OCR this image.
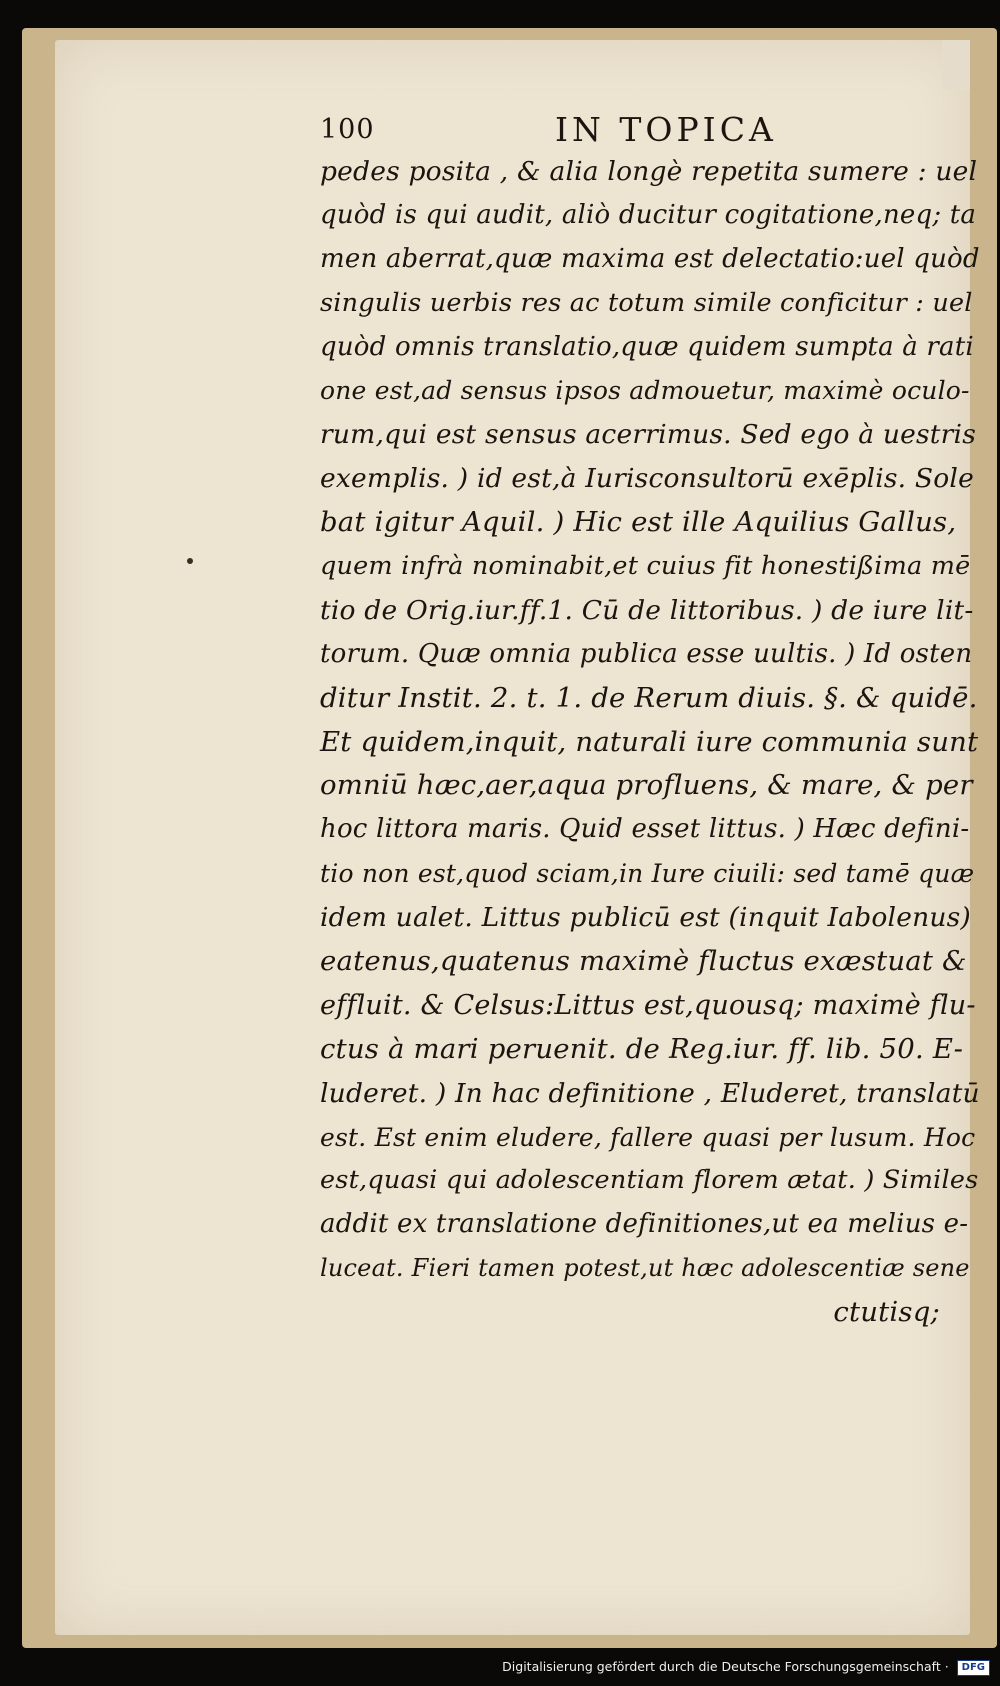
100	IN TOPICA
pedes posita , & alia longè repetita sumere : uel
quòd is qui audit, aliò ducitur cogitatione,neq; ta
men aberrat,quæ maxima est delectatio:uel quòd
singulis uerbis res ac totum simile conficitur : uel
quòd omnis translatio,quæ quidem sumpta à rati
one est,ad sensus ipsos admouetur, maximè oculo-
rum,qui est sensus acerrimus. Sed ego à uestris
exemplis. ) id est,à Iurisconsultorū exēplis. Sole
bat igitur Aquil. ) Hic est ille Aquilius Gallus,
quem infrà nominabit,et cuius fit honestißima mē
tio de Orig.iur.ff.1. Cū de littoribus. ) de iure lit-
torum. Quæ omnia publica esse uultis. ) Id osten
ditur Instit. 2. t. 1. de Rerum diuis. §. & quidē.
Et quidem,inquit, naturali iure communia sunt
omniū hæc,aer,aqua profluens, & mare, & per
hoc littora maris. Quid esset littus. ) Hæc defini-
tio non est,quod sciam,in Iure ciuili: sed tamē quæ
idem ualet. Littus publicū est (inquit Iabolenus)
eatenus,quatenus maximè fluctus exæstuat &
effluit. & Celsus:Littus est,quousq; maximè flu-
ctus à mari peruenit. de Reg.iur. ff. lib. 50. E-
luderet. ) In hac definitione , Eluderet, translatū
est. Est enim eludere, fallere quasi per lusum. Hoc
est,quasi qui adolescentiam florem ætat. ) Similes
addit ex translatione definitiones,ut ea melius e-
luceat. Fieri tamen potest,ut hæc adolescentiæ sene
ctutisq;
Digitalisierung gefördert durch die Deutsche Forschungsgemeinschaft · DFG
